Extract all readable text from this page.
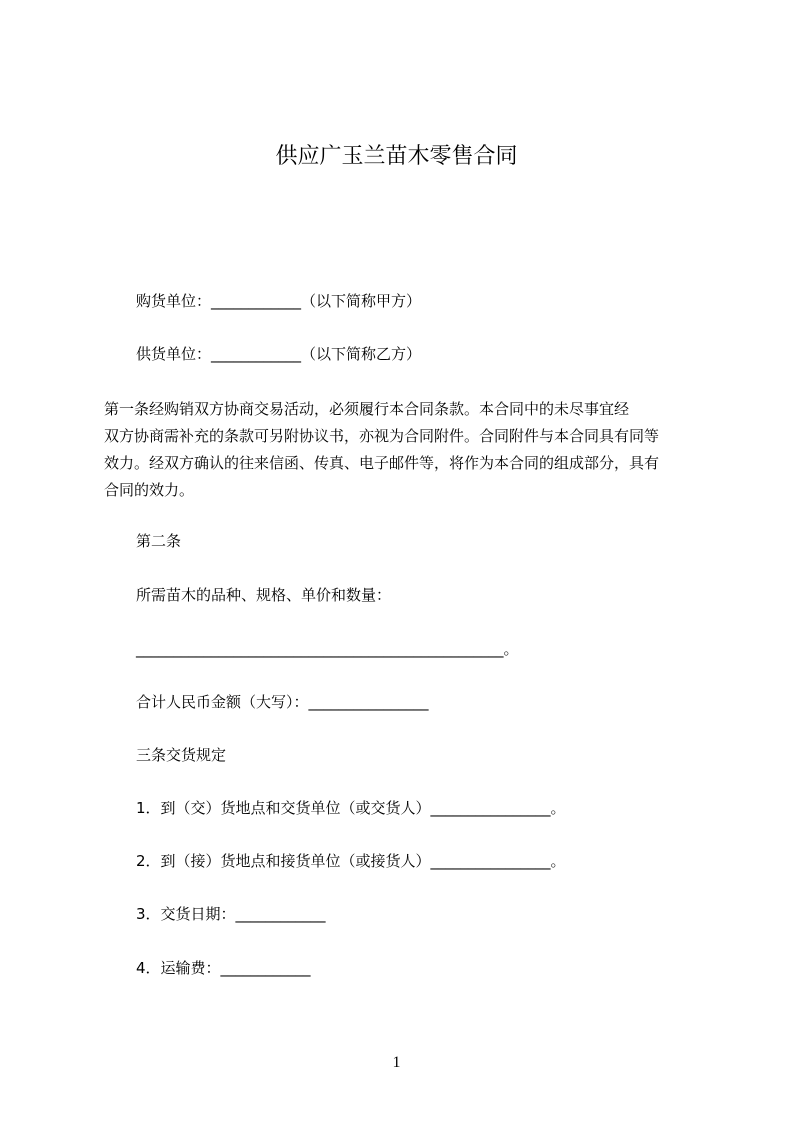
供应广玉兰苗木零售合同
购货单位：____________（以下简称甲方）
供货单位：____________（以下简称乙方）
第一条经购销双方协商交易活动，必须履行本合同条款。本合同中的未尽事宜经
双方协商需补充的条款可另附协议书，亦视为合同附件。合同附件与本合同具有同等
效力。经双方确认的往来信函、传真、电子邮件等，将作为本合同的组成部分，具有
合同的效力。
第二条
所需苗木的品种、规格、单价和数量：
_________________________________________________。
合计人民币金额（大写）：________________
三条交货规定
1．到（交）货地点和交货单位（或交货人）________________。
2．到（接）货地点和接货单位（或接货人）________________。
3．交货日期：____________
4．运输费：____________
1
